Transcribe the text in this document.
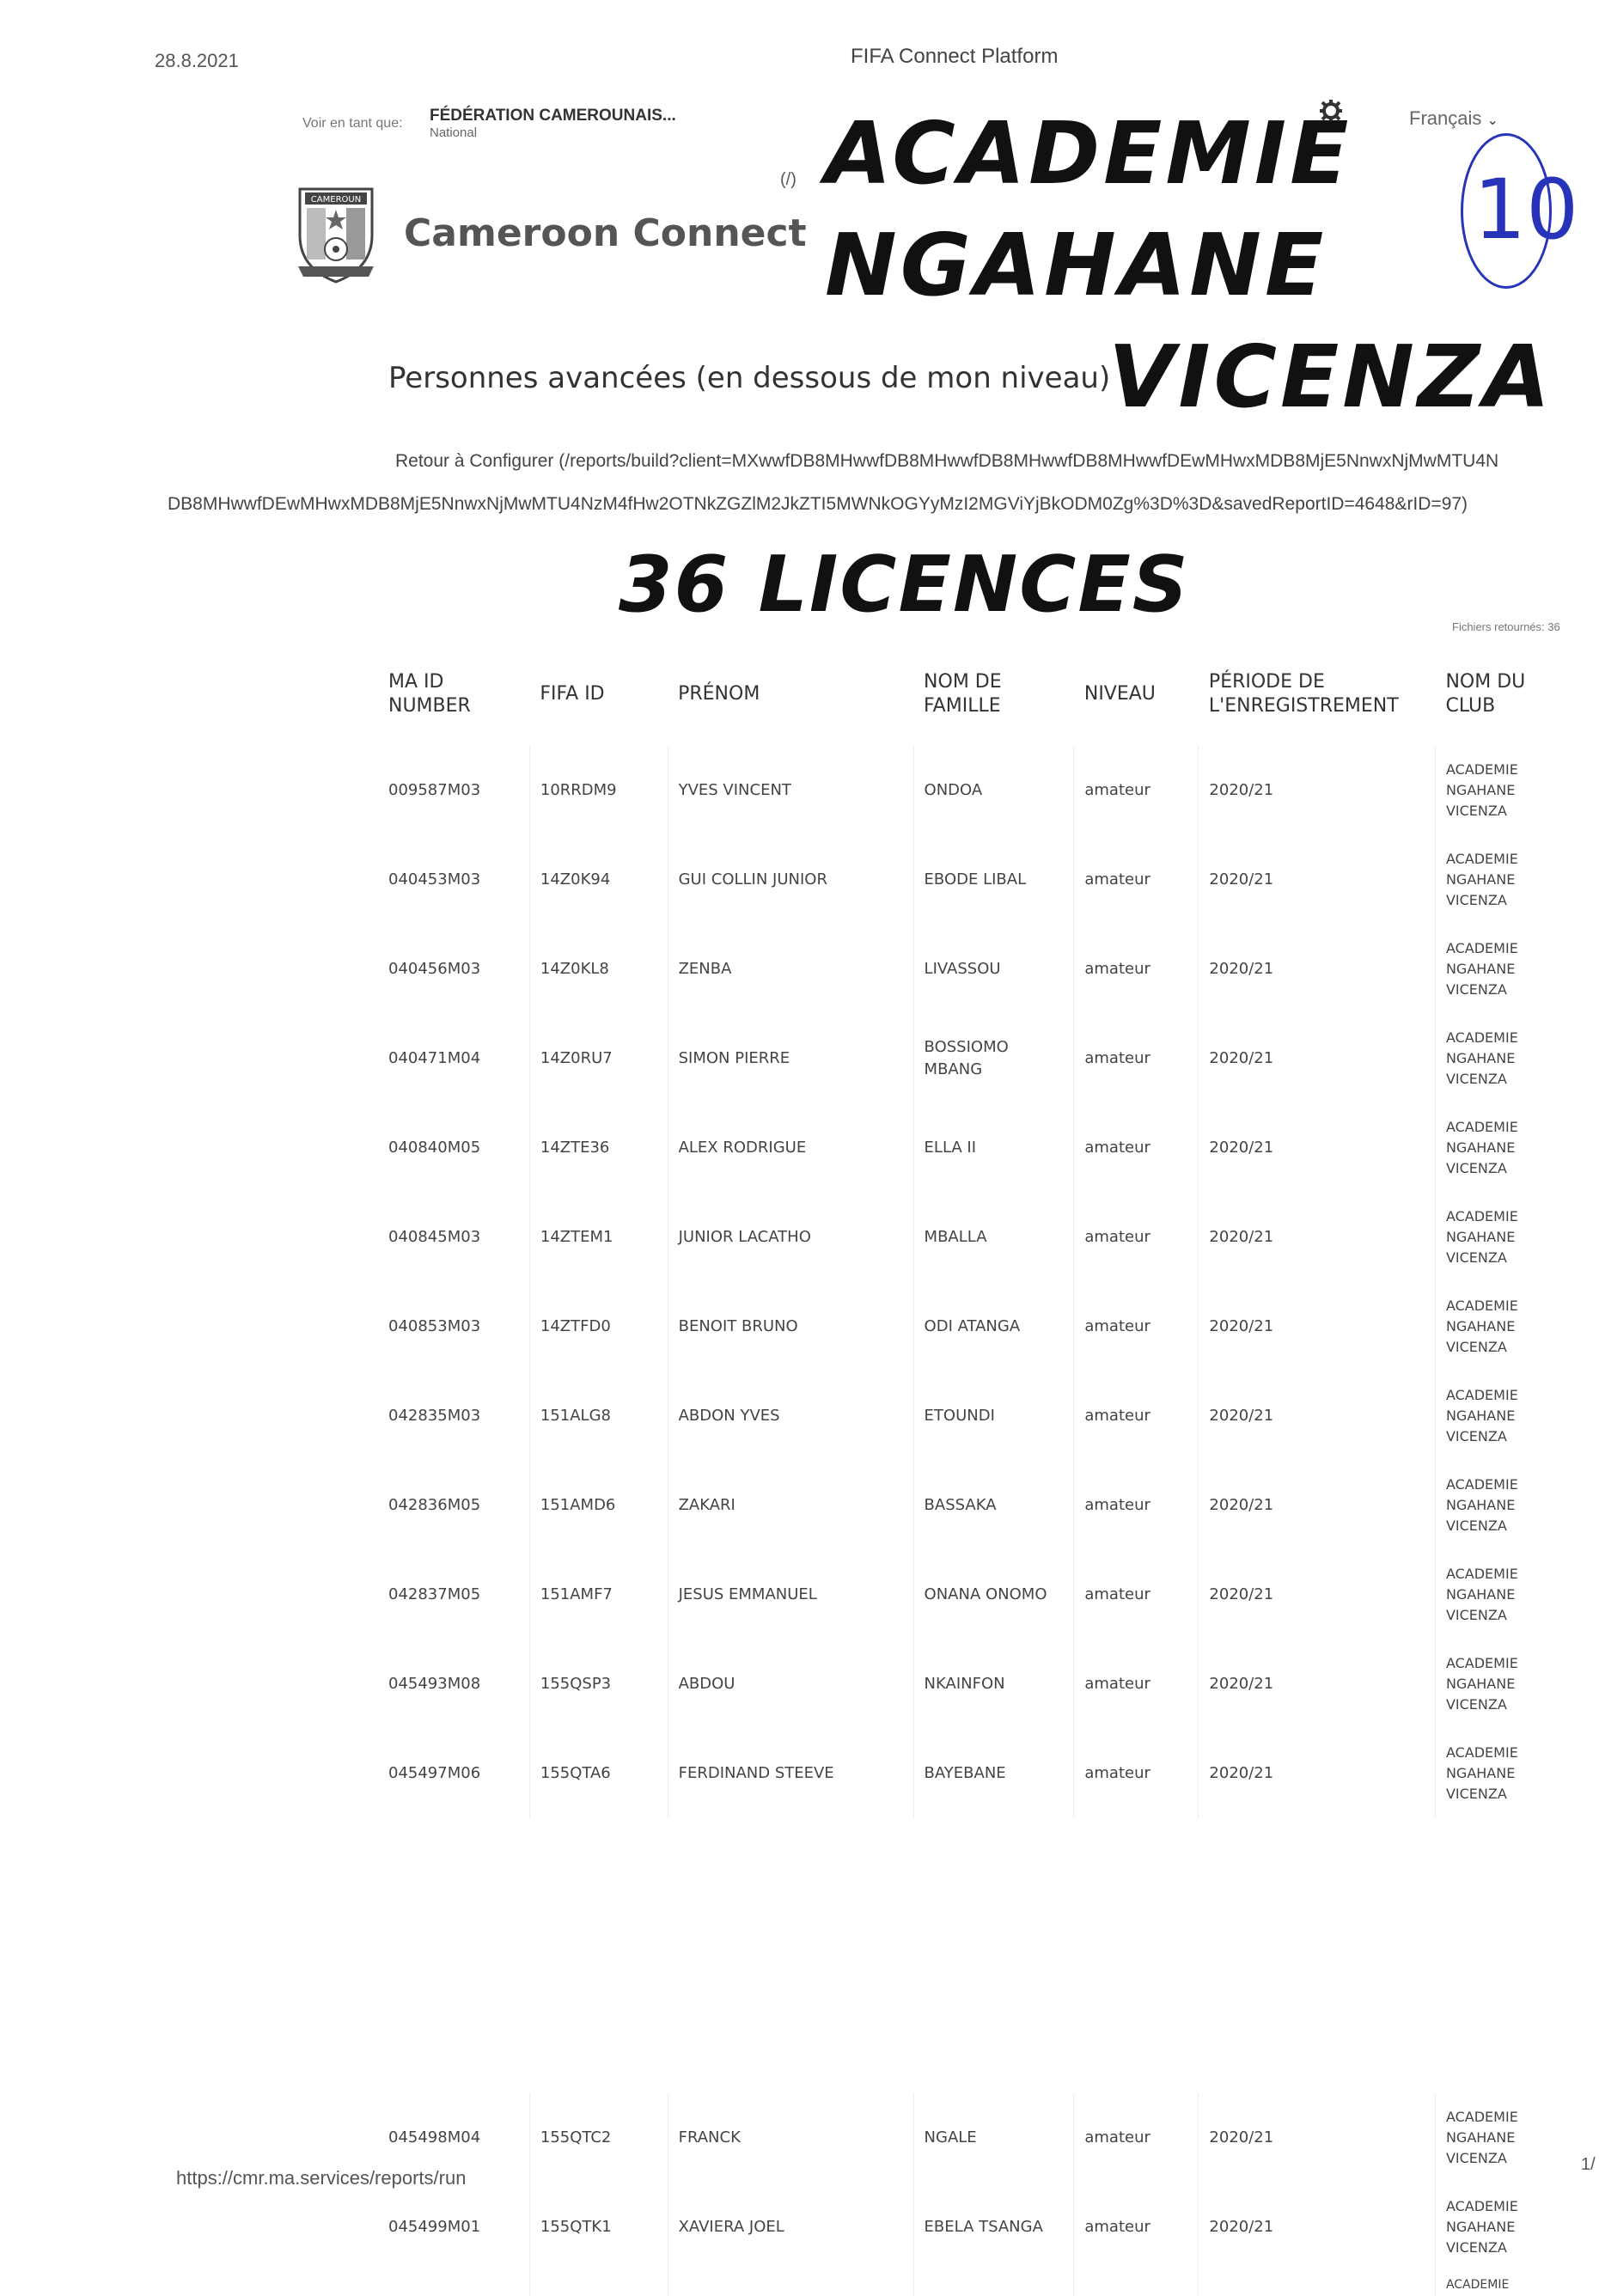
28.8.2021	FIFA Connect Platform
Voir en tant que: FÉDÉRATION CAMEROUNAIS...
National
Français ⌄
(/)
CAMEROUN
Cameroon Connect
ACADEMIE
NGAHANE
VICENZA
10
36 LICENCES
Personnes avancées (en dessous de mon niveau)
Retour à Configurer (/reports/build?client=MXwwfDB8MHwwfDB8MHwwfDB8MHwwfDB8MHwwfDEwMHwxMDB8MjE5NnwxNjMwMTU4N
DB8MHwwfDEwMHwxMDB8MjE5NnwxNjMwMTU4NzM4fHw2OTNkZGZlM2JkZTI5MWNkOGYyMzI2MGViYjBkODM0Zg%3D%3D&savedReportID=4648&rID=97)
Fichiers retournés: 36
MA ID NUMBER	FIFA ID	PRÉNOM	NOM DE FAMILLE	NIVEAU	PÉRIODE DE L'ENREGISTREMENT	NOM DU CLUB
009587M03	10RRDM9	YVES VINCENT	ONDOA	amateur	2020/21	ACADEMIE NGAHANE VICENZA
040453M03	14Z0K94	GUI COLLIN JUNIOR	EBODE LIBAL	amateur	2020/21	ACADEMIE NGAHANE VICENZA
040456M03	14Z0KL8	ZENBA	LIVASSOU	amateur	2020/21	ACADEMIE NGAHANE VICENZA
040471M04	14Z0RU7	SIMON PIERRE	BOSSIOMO MBANG	amateur	2020/21	ACADEMIE NGAHANE VICENZA
040840M05	14ZTE36	ALEX RODRIGUE	ELLA II	amateur	2020/21	ACADEMIE NGAHANE VICENZA
040845M03	14ZTEM1	JUNIOR LACATHO	MBALLA	amateur	2020/21	ACADEMIE NGAHANE VICENZA
040853M03	14ZTFD0	BENOIT BRUNO	ODI ATANGA	amateur	2020/21	ACADEMIE NGAHANE VICENZA
042835M03	151ALG8	ABDON YVES	ETOUNDI	amateur	2020/21	ACADEMIE NGAHANE VICENZA
042836M05	151AMD6	ZAKARI	BASSAKA	amateur	2020/21	ACADEMIE NGAHANE VICENZA
042837M05	151AMF7	JESUS EMMANUEL	ONANA ONOMO	amateur	2020/21	ACADEMIE NGAHANE VICENZA
045493M08	155QSP3	ABDOU	NKAINFON	amateur	2020/21	ACADEMIE NGAHANE VICENZA
045497M06	155QTA6	FERDINAND STEEVE	BAYEBANE	amateur	2020/21	ACADEMIE NGAHANE VICENZA

045498M04	155QTC2	FRANCK	NGALE	amateur	2020/21	ACADEMIE NGAHANE VICENZA
045499M01	155QTK1	XAVIERA JOEL	EBELA TSANGA	amateur	2020/21	ACADEMIE NGAHANE VICENZA
						ACADEMIE
https://cmr.ma.services/reports/run
1/
